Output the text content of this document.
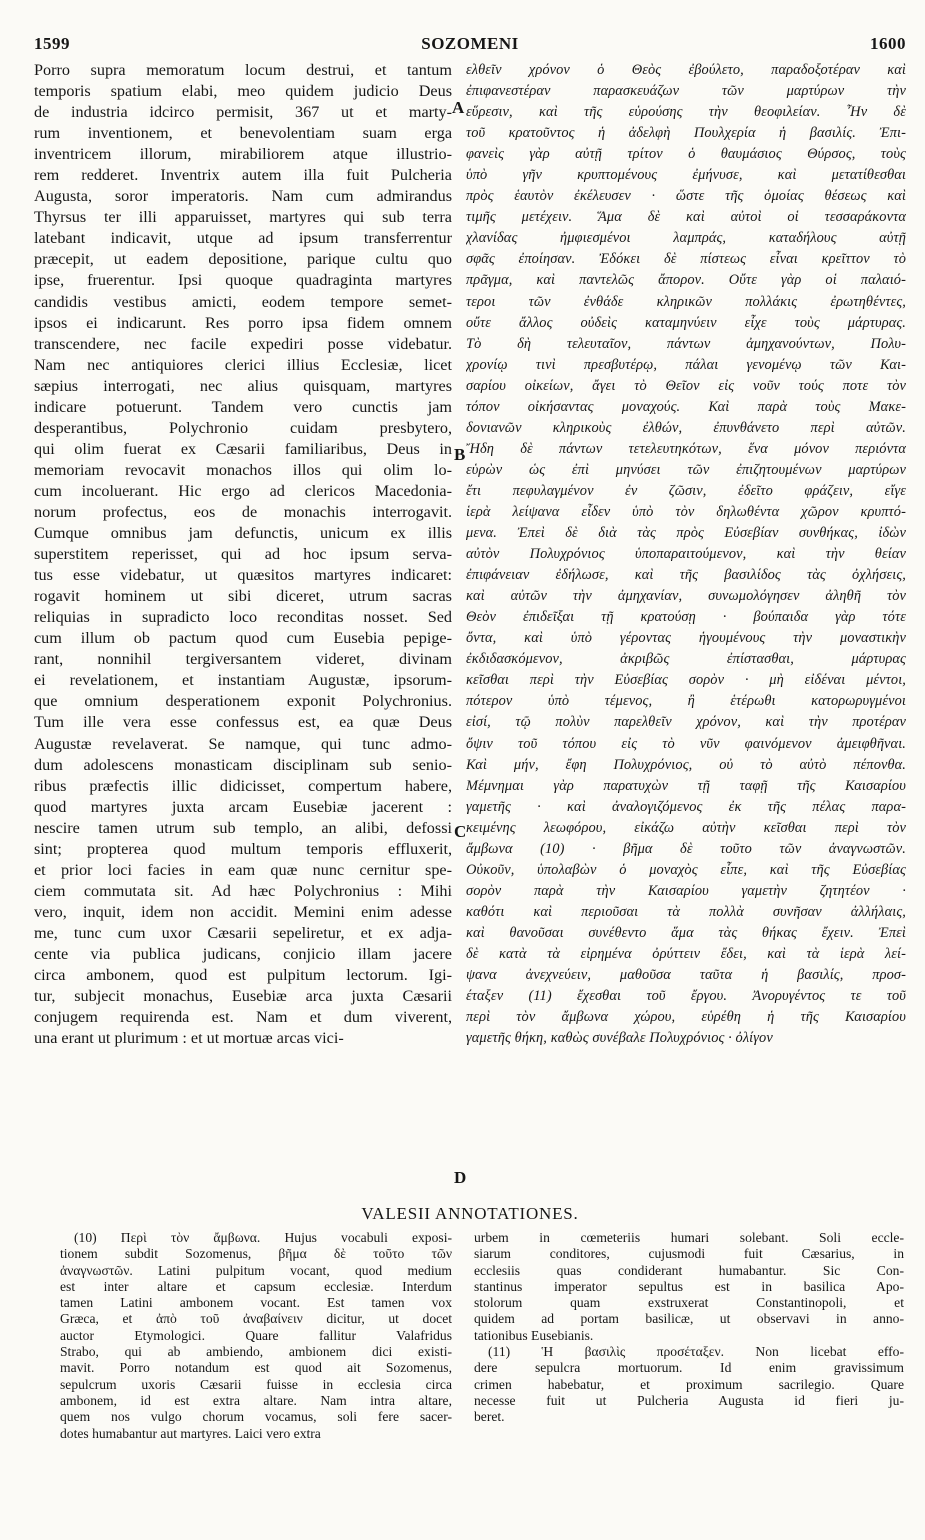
1599	SOZOMENI	1600
Porro supra memoratum locum destrui, et tantum
temporis spatium elabi, meo quidem judicio Deus
de industria idcirco permisit, 367 ut et marty-
rum inventionem, et benevolentiam suam erga
inventricem illorum, mirabiliorem atque illustrio-
rem redderet. Inventrix autem illa fuit Pulcheria
Augusta, soror imperatoris. Nam cum admirandus
Thyrsus ter illi apparuisset, martyres qui sub terra
latebant indicavit, utque ad ipsum transferrentur
præcepit, ut eadem depositione, parique cultu quo
ipse, fruerentur. Ipsi quoque quadraginta martyres
candidis vestibus amicti, eodem tempore semet-
ipsos ei indicarunt. Res porro ipsa fidem omnem
transcendere, nec facile expediri posse videbatur.
Nam nec antiquiores clerici illius Ecclesiæ, licet
sæpius interrogati, nec alius quisquam, martyres
indicare potuerunt. Tandem vero cunctis jam
desperantibus, Polychronio cuidam presbytero,
qui olim fuerat ex Cæsarii familiaribus, Deus in
memoriam revocavit monachos illos qui olim lo-
cum incoluerant. Hic ergo ad clericos Macedonia-
norum profectus, eos de monachis interrogavit.
Cumque omnibus jam defunctis, unicum ex illis
superstitem reperisset, qui ad hoc ipsum serva-
tus esse videbatur, ut quæsitos martyres indicaret:
rogavit hominem ut sibi diceret, utrum sacras
reliquias in supradicto loco reconditas nosset. Sed
cum illum ob pactum quod cum Eusebia pepige-
rant, nonnihil tergiversantem videret, divinam
ei revelationem, et instantiam Augustæ, ipsorum-
que omnium desperationem exponit Polychronius.
Tum ille vera esse confessus est, ea quæ Deus
Augustæ revelaverat. Se namque, qui tunc admo-
dum adolescens monasticam disciplinam sub senio-
ribus præfectis illic didicisset, compertum habere,
quod martyres juxta arcam Eusebiæ jacerent :
nescire tamen utrum sub templo, an alibi, defossi
sint; propterea quod multum temporis effluxerit,
et prior loci facies in eam quæ nunc cernitur spe-
ciem commutata sit. Ad hæc Polychronius : Mihi
vero, inquit, idem non accidit. Memini enim adesse
me, tunc cum uxor Cæsarii sepeliretur, et ex adja-
cente via publica judicans, conjicio illam jacere
circa ambonem, quod est pulpitum lectorum. Igi-
tur, subjecit monachus, Eusebiæ arca juxta Cæsarii
conjugem requirenda est. Nam et dum viverent,
una erant ut plurimum : et ut mortuæ arcas vici-
A
B
C
D
ελθεῖν χρόνον ὁ Θεὸς ἐβούλετο, παραδοξοτέραν καὶ
ἐπιφανεστέραν παρασκευάζων τῶν μαρτύρων τὴν
εὕρεσιν, καὶ τῆς εὑρούσης τὴν θεοφιλείαν. Ἦν δὲ
τοῦ κρατοῦντος ἡ ἀδελφὴ Πουλχερία ἡ βασιλίς. Ἐπι-
φανεὶς γὰρ αὐτῇ τρίτον ὁ θαυμάσιος Θύρσος, τοὺς
ὑπὸ γῆν κρυπτομένους ἐμήνυσε, καὶ μετατίθεσθαι
πρὸς ἑαυτὸν ἐκέλευσεν · ὥστε τῆς ὁμοίας θέσεως καὶ
τιμῆς μετέχειν. Ἅμα δὲ καὶ αὐτοὶ οἱ τεσσαράκοντα
χλανίδας ἠμφιεσμένοι λαμπράς, καταδήλους αὐτῇ
σφᾶς ἐποίησαν. Ἐδόκει δὲ πίστεως εἶναι κρεῖττον τὸ
πρᾶγμα, καὶ παντελῶς ἄπορον. Οὔτε γὰρ οἱ παλαιό-
τεροι τῶν ἐνθάδε κληρικῶν πολλάκις ἐρωτηθέντες,
οὔτε ἄλλος οὐδεὶς καταμηνύειν εἶχε τοὺς μάρτυρας.
Τὸ δὴ τελευταῖον, πάντων ἀμηχανούντων, Πολυ-
χρονίῳ τινὶ πρεσβυτέρῳ, πάλαι γενομένῳ τῶν Και-
σαρίου οἰκείων, ἄγει τὸ Θεῖον εἰς νοῦν τούς ποτε τὸν
τόπον οἰκήσαντας μοναχούς. Καὶ παρὰ τοὺς Μακε-
δονιανῶν κληρικοὺς ἐλθών, ἐπυνθάνετο περὶ αὐτῶν.
Ἤδη δὲ πάντων τετελευτηκότων, ἕνα μόνον περιόντα
εὑρὼν ὡς ἐπὶ μηνύσει τῶν ἐπιζητουμένων μαρτύρων
ἔτι πεφυλαγμένον ἐν ζῶσιν, ἐδεῖτο φράζειν, εἴγε
ἱερὰ λείψανα εἶδεν ὑπὸ τὸν δηλωθέντα χῶρον κρυπτό-
μενα. Ἐπεὶ δὲ διὰ τὰς πρὸς Εὐσεβίαν συνθήκας, ἰδὼν
αὐτὸν Πολυχρόνιος ὑποπαραιτούμενον, καὶ τὴν θείαν
ἐπιφάνειαν ἐδήλωσε, καὶ τῆς βασιλίδος τὰς ὀχλήσεις,
καὶ αὐτῶν τὴν ἀμηχανίαν, συνωμολόγησεν ἀληθῆ τὸν
Θεὸν ἐπιδεῖξαι τῇ κρατούσῃ · βούπαιδα γὰρ τότε
ὄντα, καὶ ὑπὸ γέροντας ἡγουμένους τὴν μοναστικὴν
ἐκδιδασκόμενον, ἀκριβῶς ἐπίστασθαι, μάρτυρας
κεῖσθαι περὶ τὴν Εὐσεβίας σορὸν · μὴ εἰδέναι μέντοι,
πότερον ὑπὸ τέμενος, ἢ ἑτέρωθι κατορωρυγμένοι
εἰσί, τῷ πολὺν παρελθεῖν χρόνον, καὶ τὴν προτέραν
ὄψιν τοῦ τόπου εἰς τὸ νῦν φαινόμενον ἀμειφθῆναι.
Καὶ μήν, ἔφη Πολυχρόνιος, οὐ τὸ αὐτὸ πέπονθα.
Μέμνημαι γὰρ παρατυχὼν τῇ ταφῇ τῆς Καισαρίου
γαμετῆς · καὶ ἀναλογιζόμενος ἐκ τῆς πέλας παρα-
κειμένης λεωφόρου, εἰκάζω αὐτὴν κεῖσθαι περὶ τὸν
ἄμβωνα (10) · βῆμα δὲ τοῦτο τῶν ἀναγνωστῶν.
Οὐκοῦν, ὑπολαβὼν ὁ μοναχὸς εἶπε, καὶ τῆς Εὐσεβίας
σορὸν παρὰ τὴν Καισαρίου γαμετὴν ζητητέον ·
καθότι καὶ περιοῦσαι τὰ πολλὰ συνῆσαν ἀλλήλαις,
καὶ θανοῦσαι συνέθεντο ἅμα τὰς θήκας ἔχειν. Ἐπεὶ
δὲ κατὰ τὰ εἰρημένα ὀρύττειν ἔδει, καὶ τὰ ἱερὰ λεί-
ψανα ἀνεχνεύειν, μαθοῦσα ταῦτα ἡ βασιλίς, προσ-
έταξεν (11) ἔχεσθαι τοῦ ἔργου. Ἀνορυγέντος τε τοῦ
περὶ τὸν ἄμβωνα χώρου, εὑρέθη ἡ τῆς Καισαρίου
γαμετῆς θήκη, καθὼς συνέβαλε Πολυχρόνιος · ὀλίγον
VALESII ANNOTATIONES.
(10) Περὶ τὸν ἄμβωνα. Hujus vocabuli exposi-
tionem subdit Sozomenus, βῆμα δὲ τοῦτο τῶν
ἀναγνωστῶν. Latini pulpitum vocant, quod medium
est inter altare et capsum ecclesiæ. Interdum
tamen Latini ambonem vocant. Est tamen vox
Græca, et ἀπὸ τοῦ ἀναβαίνειν dicitur, ut docet
auctor Etymologici. Quare fallitur Valafridus
Strabo, qui ab ambiendo, ambionem dici existi-
mavit. Porro notandum est quod ait Sozomenus,
sepulcrum uxoris Cæsarii fuisse in ecclesia circa
ambonem, id est extra altare. Nam intra altare,
quem nos vulgo chorum vocamus, soli fere sacer-
dotes humabantur aut martyres. Laici vero extra
urbem in cœmeteriis humari solebant. Soli eccle-
siarum conditores, cujusmodi fuit Cæsarius, in
ecclesiis quas condiderant humabantur. Sic Con-
stantinus imperator sepultus est in basilica Apo-
stolorum quam exstruxerat Constantinopoli, et
quidem ad portam basilicæ, ut observavi in anno-
tationibus Eusebianis.
(11) Ἡ βασιλὶς προσέταξεν. Non licebat effo-
dere sepulcra mortuorum. Id enim gravissimum
crimen habebatur, et proximum sacrilegio. Quare
necesse fuit ut Pulcheria Augusta id fieri ju-
beret.
